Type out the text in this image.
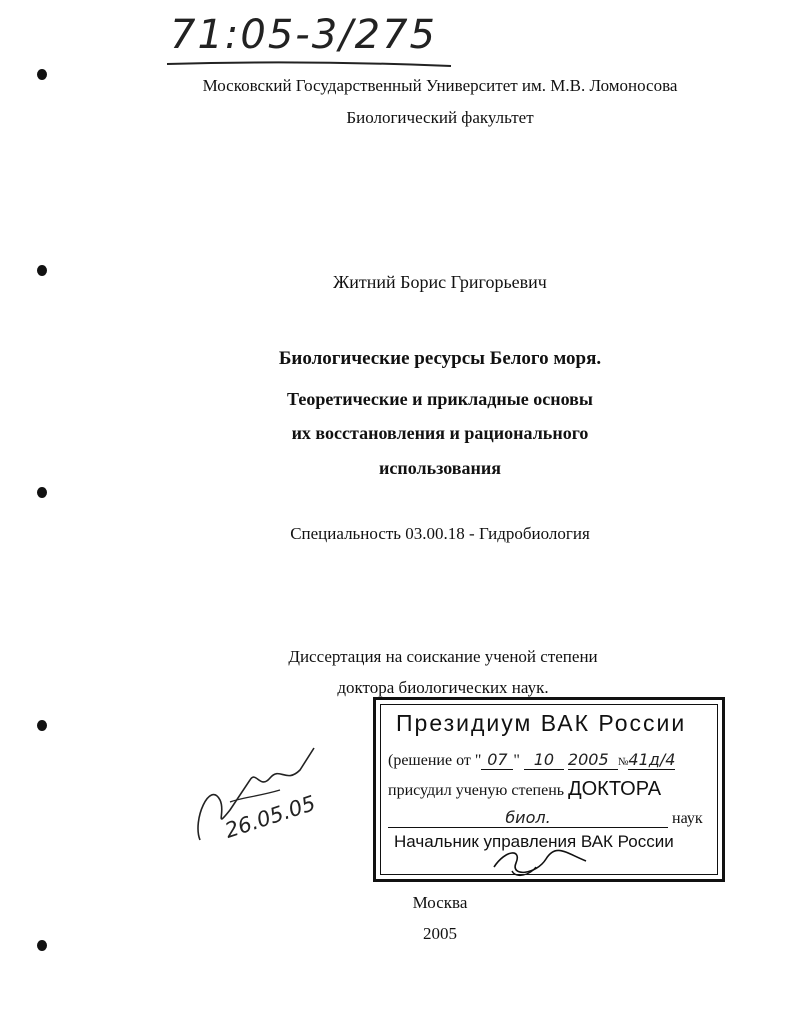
71:05-3/275
Московский Государственный Университет им. М.В. Ломоносова
Биологический факультет
Житний Борис Григорьевич
Биологические ресурсы Белого моря.
Теоретические и прикладные основы
их восстановления и рационального
использования
Специальность 03.00.18 - Гидробиология
Диссертация на соискание ученой степени
доктора биологических наук.
Президиум ВАК России
(решение от " 07 " 10 2005 №41д/4
присудил ученую степень ДОКТОРА
биол.	наук
Начальник управления ВАК России
26.05.05
Москва
2005
